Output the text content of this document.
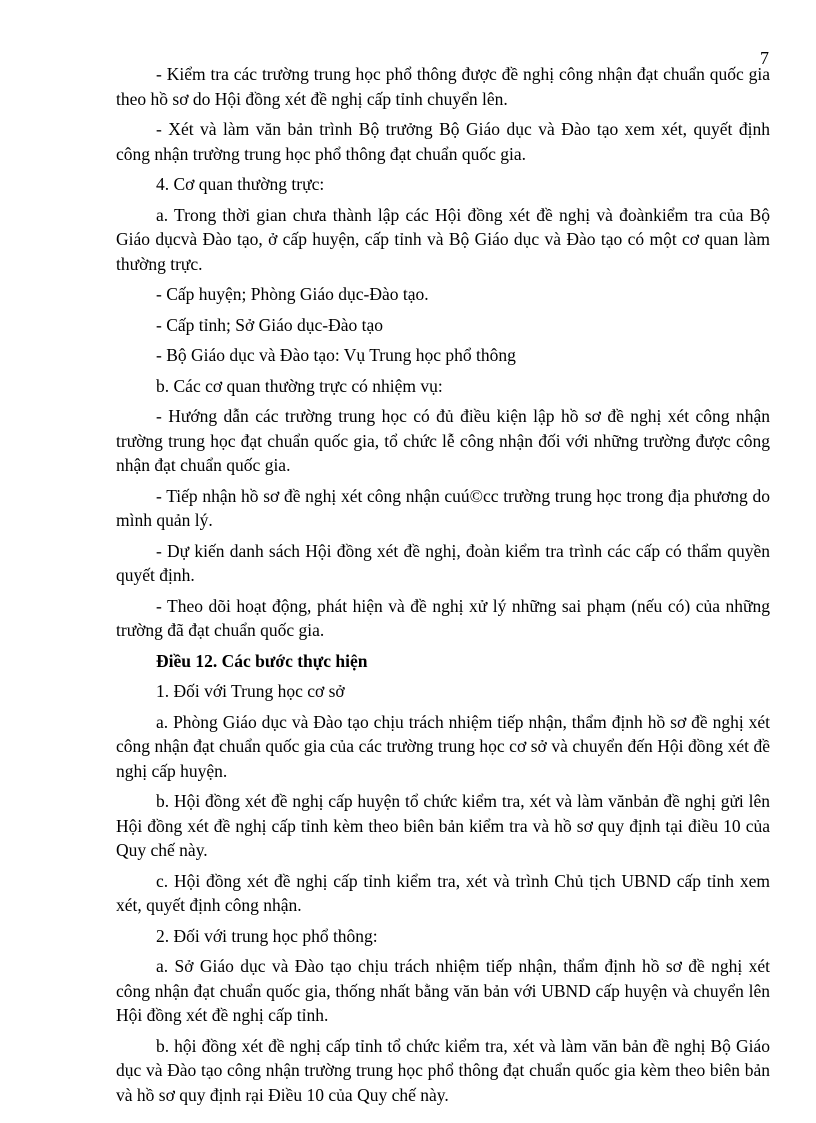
7

- Kiểm tra các trường trung học phổ thông được đề nghị công nhận đạt chuẩn quốc gia theo hồ sơ do Hội đồng xét đề nghị cấp tỉnh chuyển lên.

- Xét và làm văn bản trình Bộ trưởng Bộ Giáo dục và Đào tạo xem xét, quyết định công nhận trường trung học phổ thông đạt chuẩn quốc gia.

4. Cơ quan thường trực:

a. Trong thời gian chưa thành lập các Hội đồng xét đề nghị và đoànkiểm tra của Bộ Giáo dụcvà Đào tạo, ở cấp huyện, cấp tỉnh và Bộ Giáo dục và Đào tạo có một cơ quan làm thường trực.

- Cấp huyện; Phòng Giáo dục-Đào tạo.

- Cấp tỉnh; Sở Giáo dục-Đào tạo

- Bộ Giáo dục và Đào tạo: Vụ Trung học phổ thông

b. Các cơ quan thường trực có nhiệm vụ:

- Hướng dẫn các trường trung học có đủ điều kiện lập hồ sơ đề nghị xét công nhận trường trung học đạt chuẩn quốc gia, tổ chức lễ công nhận đối với những trường được công nhận đạt chuẩn quốc gia.

- Tiếp nhận hồ sơ đề nghị xét công nhận cuú©cc trường trung học trong địa phương do mình quản lý.

- Dự kiến danh sách Hội đồng xét đề nghị, đoàn kiểm tra trình các cấp có thẩm quyền quyết định.

- Theo dõi hoạt động, phát hiện và đề nghị xử lý những sai phạm (nếu có) của những trường đã đạt chuẩn quốc gia.

Điều 12. Các bước thực hiện

1. Đối với Trung học cơ sở

a. Phòng Giáo dục và Đào tạo chịu trách nhiệm tiếp nhận, thẩm định hồ sơ đề nghị xét công nhận đạt chuẩn quốc gia của các trường trung học cơ sở và chuyển đến Hội đồng xét đề nghị cấp huyện.

b. Hội đồng xét đề nghị cấp huyện tổ chức kiểm tra, xét và làm vănbản đề nghị gửi lên Hội đồng xét đề nghị cấp tỉnh kèm theo biên bản kiểm tra và hồ sơ quy định tại điều 10 của Quy chế này.

c. Hội đồng xét đề nghị cấp tỉnh kiểm tra, xét và trình Chủ tịch UBND cấp tỉnh xem xét, quyết định công nhận.

2. Đối với trung học phổ thông:

a. Sở Giáo dục và Đào tạo chịu trách nhiệm tiếp nhận, thẩm định hồ sơ đề nghị xét công nhận đạt chuẩn quốc gia, thống nhất bằng văn bản với UBND cấp huyện và chuyển lên Hội đồng xét đề nghị cấp tỉnh.

b. hội đồng xét đề nghị cấp tỉnh tổ chức kiểm tra, xét và làm văn bản đề nghị Bộ Giáo dục và Đào tạo công nhận trường trung học phổ thông đạt chuẩn quốc gia kèm theo biên bản và hồ sơ quy định rại Điều 10 của Quy chế này.
